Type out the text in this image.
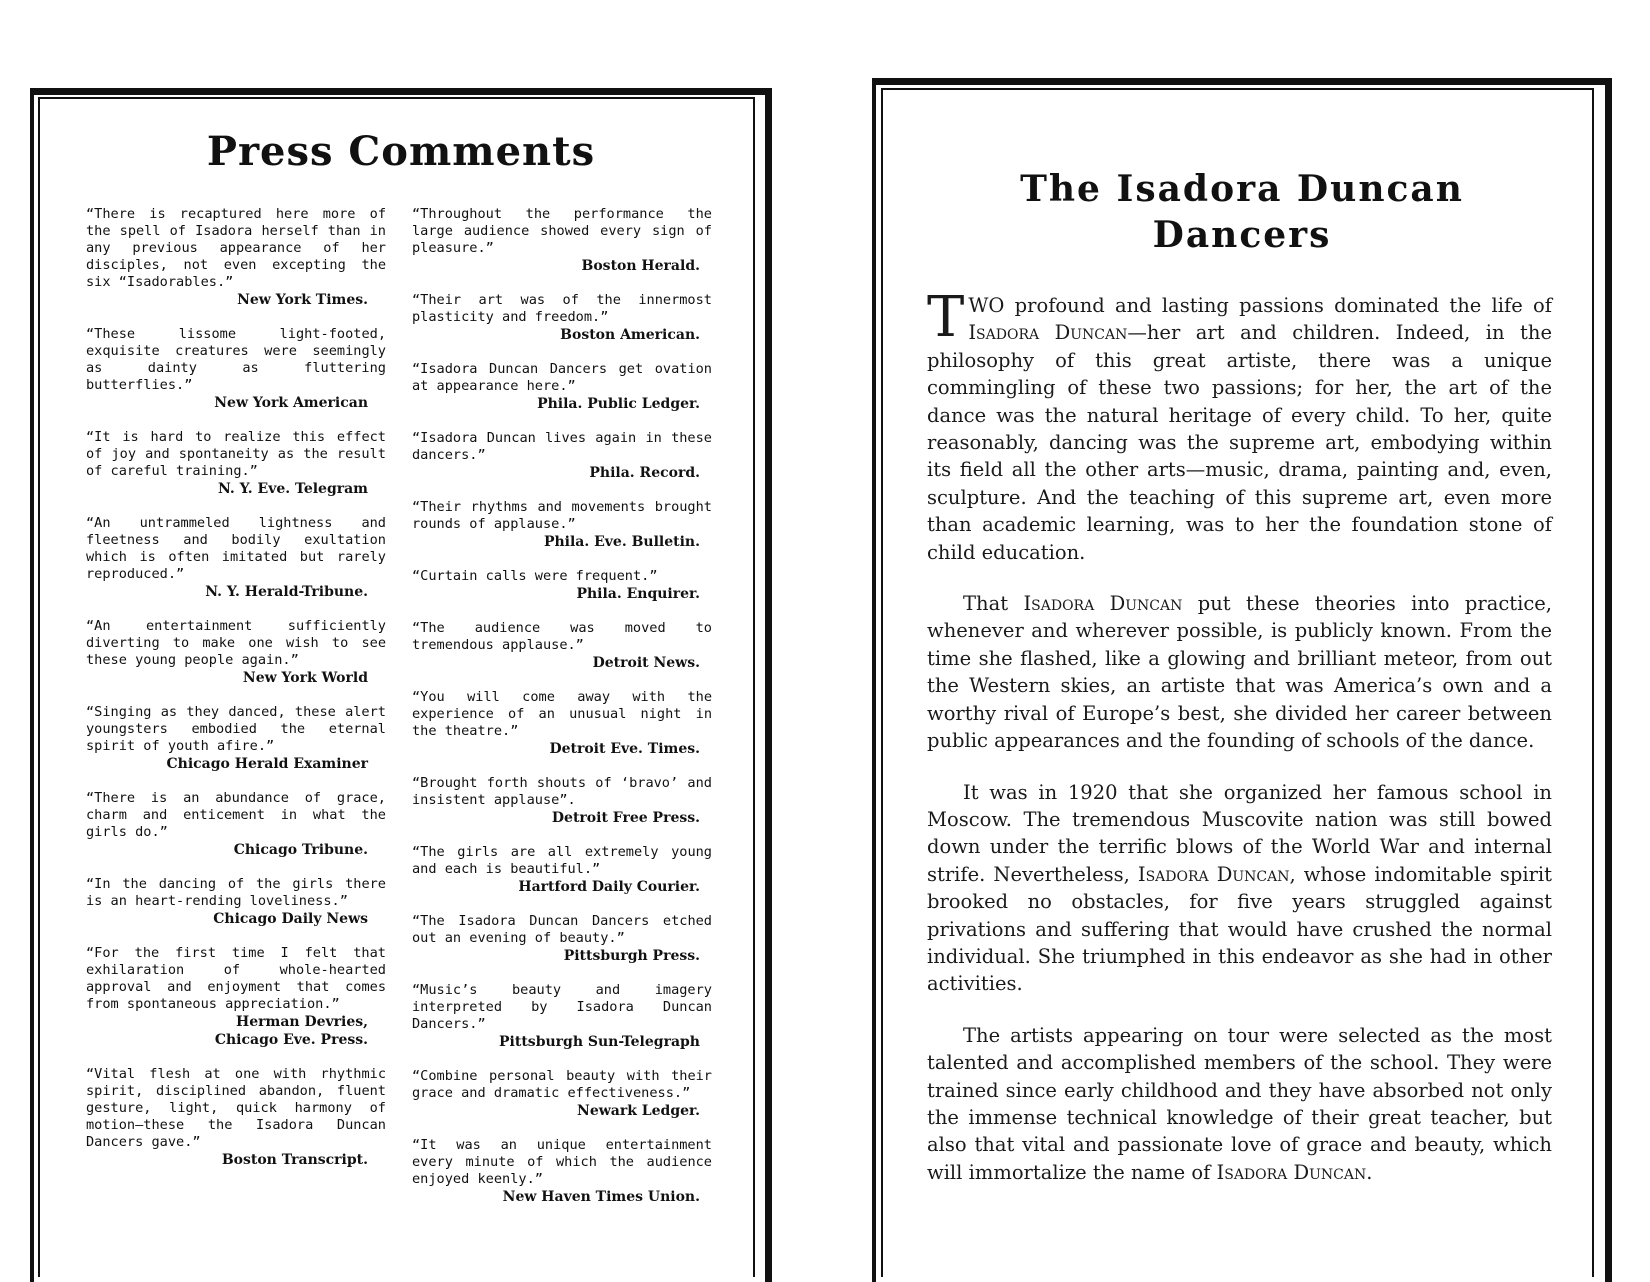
Press Comments
“There is recaptured here more of the spell of Isadora herself than in any previous appearance of her disciples, not even excepting the six “Isadorables.”
New York Times.
“These lissome light-footed, exquisite creatures were seemingly as dainty as fluttering butterflies.”
New York American
“It is hard to realize this effect of joy and spontaneity as the result of careful training.”
N. Y. Eve. Telegram
“An untrammeled lightness and fleetness and bodily exultation which is often imitated but rarely reproduced.”
N. Y. Herald-Tribune.
“An entertainment sufficiently diverting to make one wish to see these young people again.”
New York World
“Singing as they danced, these alert youngsters embodied the eternal spirit of youth afire.”
Chicago Herald Examiner
“There is an abundance of grace, charm and enticement in what the girls do.”
Chicago Tribune.
“In the dancing of the girls there is an heart-rending loveliness.”
Chicago Daily News
“For the first time I felt that exhilaration of whole-hearted approval and enjoyment that comes from spontaneous appreciation.”
Herman Devries,
Chicago Eve. Press.
“Vital flesh at one with rhythmic spirit, disciplined abandon, fluent gesture, light, quick harmony of motion—these the Isadora Duncan Dancers gave.”
Boston Transcript.
“Throughout the performance the large audience showed every sign of pleasure.”
Boston Herald.
“Their art was of the innermost plasticity and freedom.”
Boston American.
“Isadora Duncan Dancers get ovation at appearance here.”
Phila. Public Ledger.
“Isadora Duncan lives again in these dancers.”
Phila. Record.
“Their rhythms and movements brought rounds of applause.”
Phila. Eve. Bulletin.
“Curtain calls were frequent.”
Phila. Enquirer.
“The audience was moved to tremendous applause.”
Detroit News.
“You will come away with the experience of an unusual night in the theatre.”
Detroit Eve. Times.
“Brought forth shouts of ‘bravo’ and insistent applause”.
Detroit Free Press.
“The girls are all extremely young and each is beautiful.”
Hartford Daily Courier.
“The Isadora Duncan Dancers etched out an evening of beauty.”
Pittsburgh Press.
“Music’s beauty and imagery interpreted by Isadora Duncan Dancers.”
Pittsburgh Sun-Telegraph
“Combine personal beauty with their grace and dramatic effectiveness.”
Newark Ledger.
“It was an unique entertainment every minute of which the audience enjoyed keenly.”
New Haven Times Union.
The Isadora Duncan
Dancers

TWO profound and lasting passions dominated the life of Isadora Duncan—her art and children. Indeed, in the philosophy of this great artiste, there was a unique commingling of these two passions; for her, the art of the dance was the natural heritage of every child. To her, quite reasonably, dancing was the supreme art, embodying within its field all the other arts—music, drama, painting and, even, sculpture. And the teaching of this supreme art, even more than academic learning, was to her the foundation stone of child education.

That Isadora Duncan put these theories into practice, whenever and wherever possible, is publicly known. From the time she flashed, like a glowing and brilliant meteor, from out the Western skies, an artiste that was America’s own and a worthy rival of Europe’s best, she divided her career between public appearances and the founding of schools of the dance.

It was in 1920 that she organized her famous school in Moscow. The tremendous Muscovite nation was still bowed down under the terrific blows of the World War and internal strife. Nevertheless, Isadora Duncan, whose indomitable spirit brooked no obstacles, for five years struggled against privations and suffering that would have crushed the normal individual. She triumphed in this endeavor as she had in other activities.

The artists appearing on tour were selected as the most talented and accomplished members of the school. They were trained since early childhood and they have absorbed not only the immense technical knowledge of their great teacher, but also that vital and passionate love of grace and beauty, which will immortalize the name of Isadora Duncan.
